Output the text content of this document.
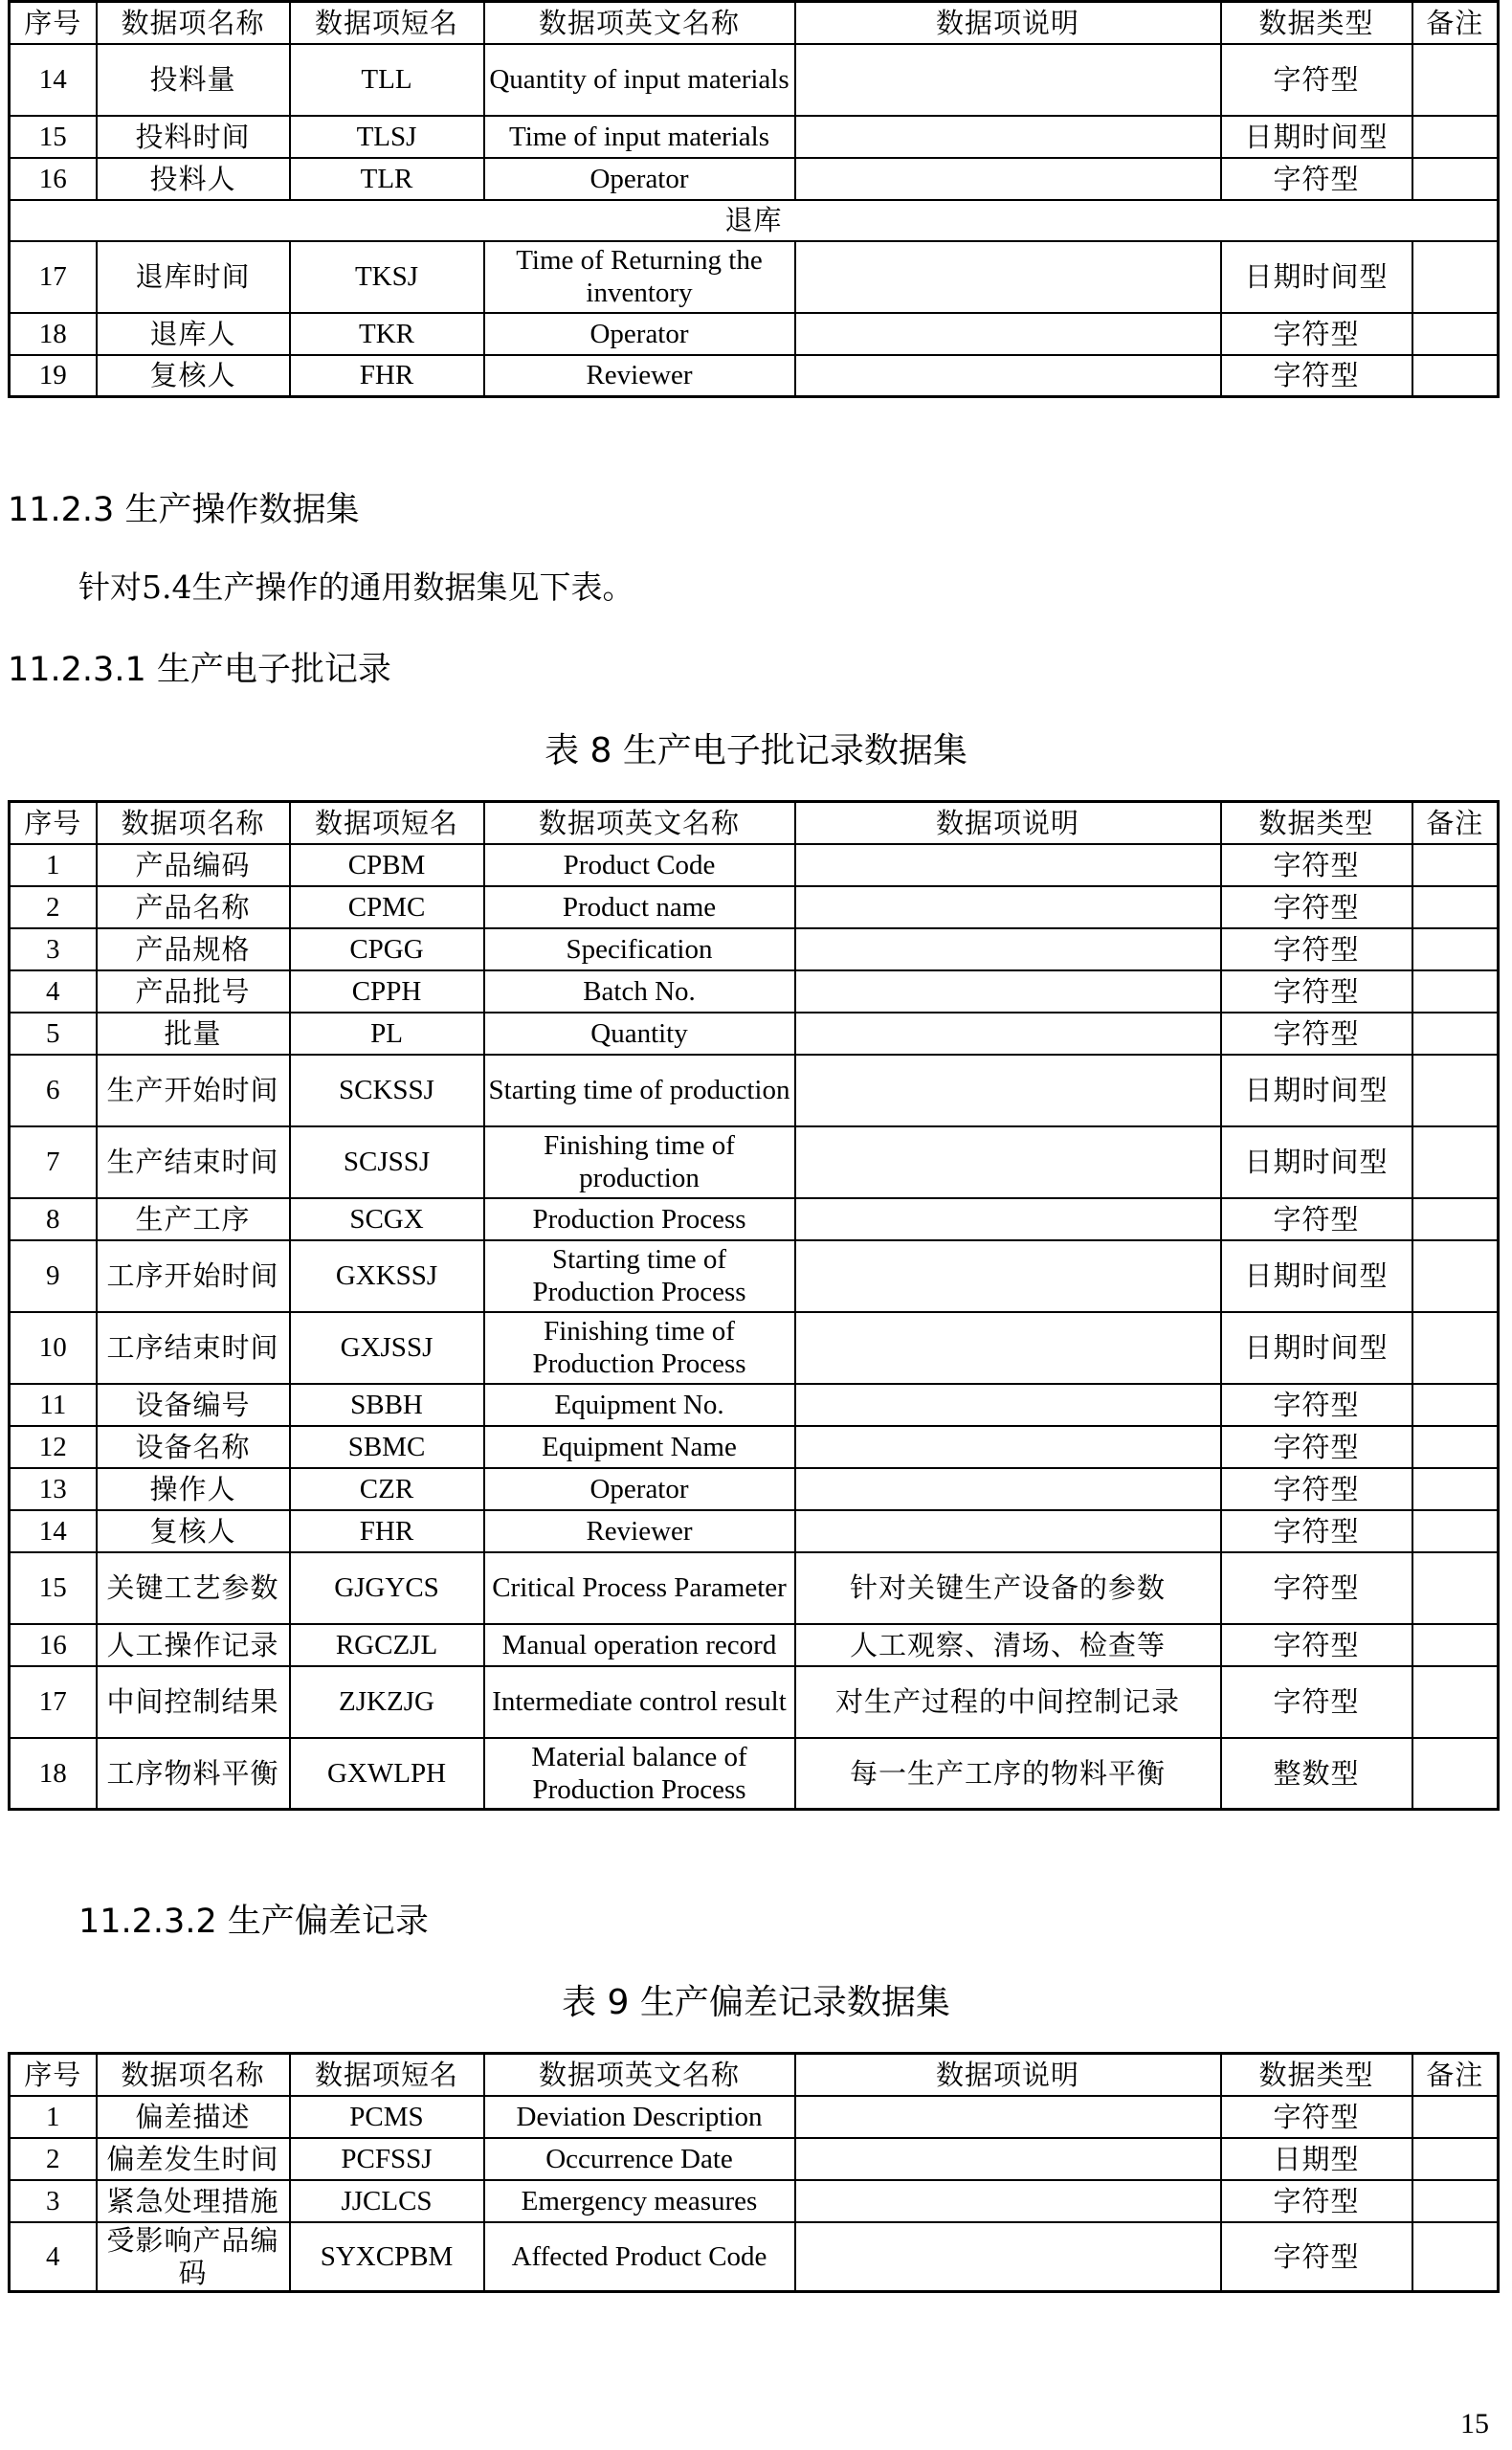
序号	数据项名称	数据项短名	数据项英文名称	数据项说明	数据类型	备注
14	投料量	TLL	Quantity of input materials		字符型	
15	投料时间	TLSJ	Time of input materials		日期时间型	
16	投料人	TLR	Operator		字符型	
退库						
17	退库时间	TKSJ	Time of Returning the inventory		日期时间型	
18	退库人	TKR	Operator		字符型	
19	复核人	FHR	Reviewer		字符型	
11.2.3 生产操作数据集
针对5.4生产操作的通用数据集见下表。
11.2.3.1 生产电子批记录
表 8 生产电子批记录数据集
序号	数据项名称	数据项短名	数据项英文名称	数据项说明	数据类型	备注
1	产品编码	CPBM	Product Code		字符型	
2	产品名称	CPMC	Product name		字符型	
3	产品规格	CPGG	Specification		字符型	
4	产品批号	CPPH	Batch No.		字符型	
5	批量	PL	Quantity		字符型	
6	生产开始时间	SCKSSJ	Starting time of production		日期时间型	
7	生产结束时间	SCJSSJ	Finishing time of production		日期时间型	
8	生产工序	SCGX	Production Process		字符型	
9	工序开始时间	GXKSSJ	Starting time of Production Process		日期时间型	
10	工序结束时间	GXJSSJ	Finishing time of Production Process		日期时间型	
11	设备编号	SBBH	Equipment No.		字符型	
12	设备名称	SBMC	Equipment Name		字符型	
13	操作人	CZR	Operator		字符型	
14	复核人	FHR	Reviewer		字符型	
15	关键工艺参数	GJGYCS	Critical Process Parameter	针对关键生产设备的参数	字符型	
16	人工操作记录	RGCZJL	Manual operation record	人工观察、清场、检查等	字符型	
17	中间控制结果	ZJKZJG	Intermediate control result	对生产过程的中间控制记录	字符型	
18	工序物料平衡	GXWLPH	Material balance of Production Process	每一生产工序的物料平衡	整数型	
11.2.3.2 生产偏差记录
表 9 生产偏差记录数据集
序号	数据项名称	数据项短名	数据项英文名称	数据项说明	数据类型	备注
1	偏差描述	PCMS	Deviation Description		字符型	
2	偏差发生时间	PCFSSJ	Occurrence Date		日期型	
3	紧急处理措施	JJCLCS	Emergency measures		字符型	
4	受影响产品编码	SYXCPBM	Affected Product Code		字符型	
15
